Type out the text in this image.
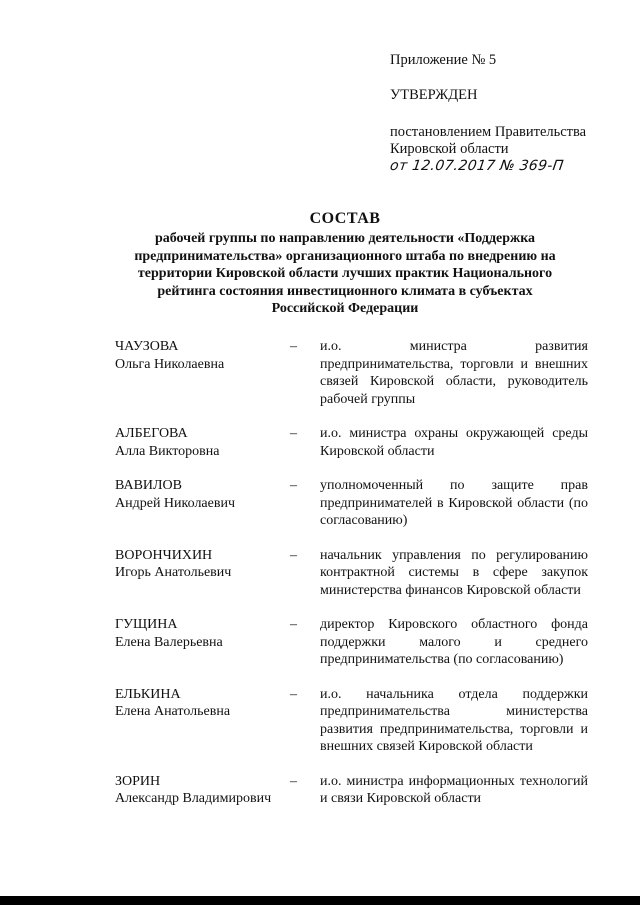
Приложение № 5
УТВЕРЖДЕН
постановлением Правительства
Кировской области
от 12.07.2017 № 369-П
СОСТАВ
рабочей группы по направлению деятельности «Поддержка
предпринимательства» организационного штаба по внедрению на
территории Кировской области лучших практик Национального
рейтинга состояния инвестиционного климата в субъектах
Российской Федерации
ЧАУЗОВА
Ольга Николаевна
–	и.о. министра развития предпринимательства, торговли и внешних связей Кировской области, руководитель рабочей группы
АЛБЕГОВА
Алла Викторовна
–	и.о. министра охраны окружающей среды Кировской области
ВАВИЛОВ
Андрей Николаевич
–	уполномоченный по защите прав предпринимателей в Кировской области (по согласованию)
ВОРОНЧИХИН
Игорь Анатольевич
–	начальник управления по регулированию контрактной системы в сфере закупок министерства финансов Кировской области
ГУЩИНА
Елена Валерьевна
–	директор Кировского областного фонда поддержки малого и среднего предпринимательства (по согласованию)
ЕЛЬКИНА
Елена Анатольевна
–	и.о. начальника отдела поддержки предпринимательства министерства развития предпринимательства, торговли и внешних связей Кировской области
ЗОРИН
Александр Владимирович
–	и.о. министра информационных технологий и связи Кировской области
